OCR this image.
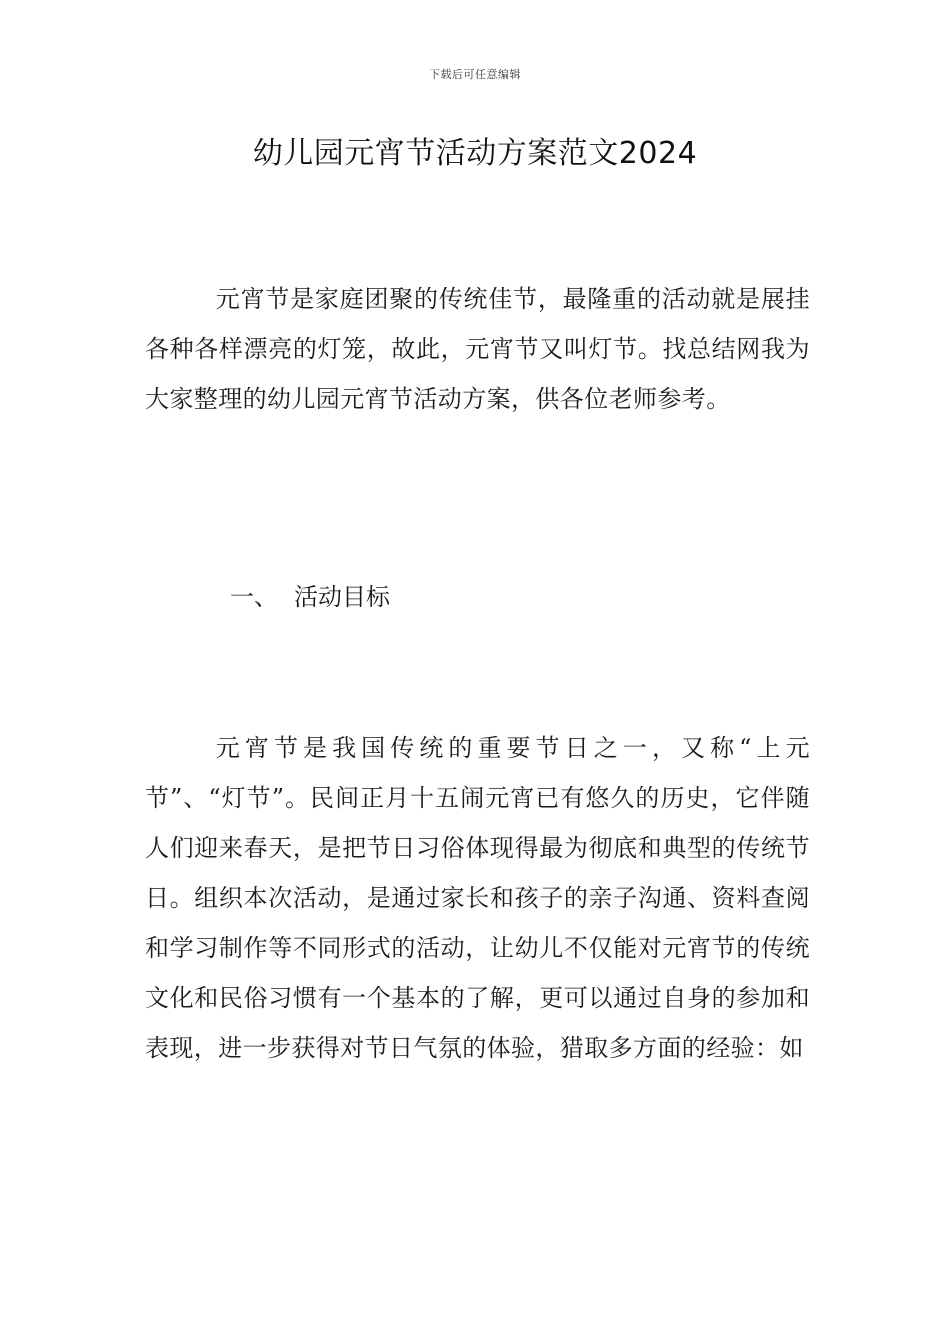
下载后可任意编辑
幼儿园元宵节活动方案范文2024

元宵节是家庭团聚的传统佳节，最隆重的活动就是展挂各种各样漂亮的灯笼，故此，元宵节又叫灯节。找总结网我为大家整理的幼儿园元宵节活动方案，供各位老师参考。

一、 活动目标

元宵节是我国传统的重要节日之一，又称“上元节”、“灯节”。民间正月十五闹元宵已有悠久的历史，它伴随人们迎来春天，是把节日习俗体现得最为彻底和典型的传统节日。组织本次活动，是通过家长和孩子的亲子沟通、资料查阅和学习制作等不同形式的活动，让幼儿不仅能对元宵节的传统文化和民俗习惯有一个基本的了解，更可以通过自身的参加和表现，进一步获得对节日气氛的体验，猎取多方面的经验：如
